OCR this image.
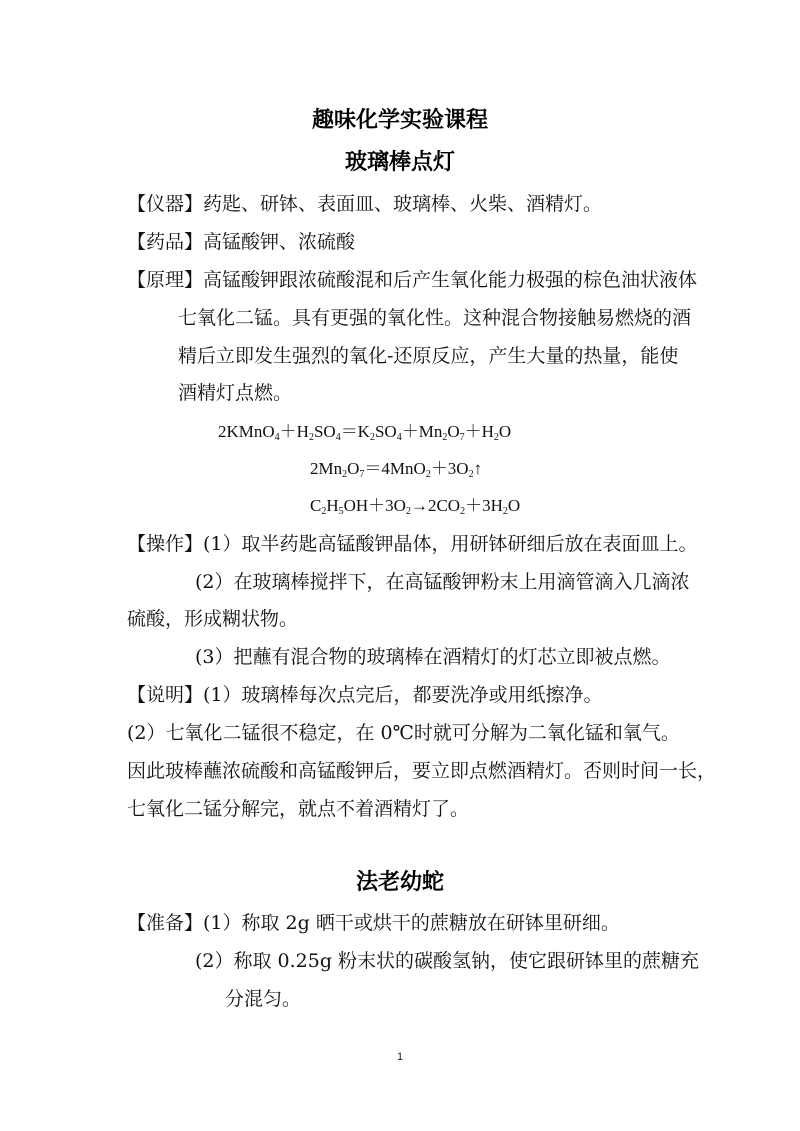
趣味化学实验课程
玻璃棒点灯
【仪器】药匙、研钵、表面皿、玻璃棒、火柴、酒精灯。
【药品】高锰酸钾、浓硫酸
【原理】高锰酸钾跟浓硫酸混和后产生氧化能力极强的棕色油状液体
七氧化二锰。具有更强的氧化性。这种混合物接触易燃烧的酒
精后立即发生强烈的氧化-还原反应，产生大量的热量，能使
酒精灯点燃。
$2KMnO_4+H_2SO_4=K_2SO_4+Mn_2O_7+H_2O$
$2Mn_2O_7=4MnO_2+3O_2↑$
$C_2H_5OH+3O_2\to 2CO_2+3H_2O$
【操作】(1）取半药匙高锰酸钾晶体，用研钵研细后放在表面皿上。
(2）在玻璃棒搅拌下，在高锰酸钾粉末上用滴管滴入几滴浓
硫酸，形成糊状物。
(3）把蘸有混合物的玻璃棒在酒精灯的灯芯立即被点燃。
【说明】(1）玻璃棒每次点完后，都要洗净或用纸擦净。
(2）七氧化二锰很不稳定，在 0℃时就可分解为二氧化锰和氧气。
因此玻棒蘸浓硫酸和高锰酸钾后，要立即点燃酒精灯。否则时间一长，
七氧化二锰分解完，就点不着酒精灯了。
法老幼蛇
【准备】(1）称取 2g 晒干或烘干的蔗糖放在研钵里研细。
(2）称取 0.25g 粉末状的碳酸氢钠，使它跟研钵里的蔗糖充
分混匀。
1
